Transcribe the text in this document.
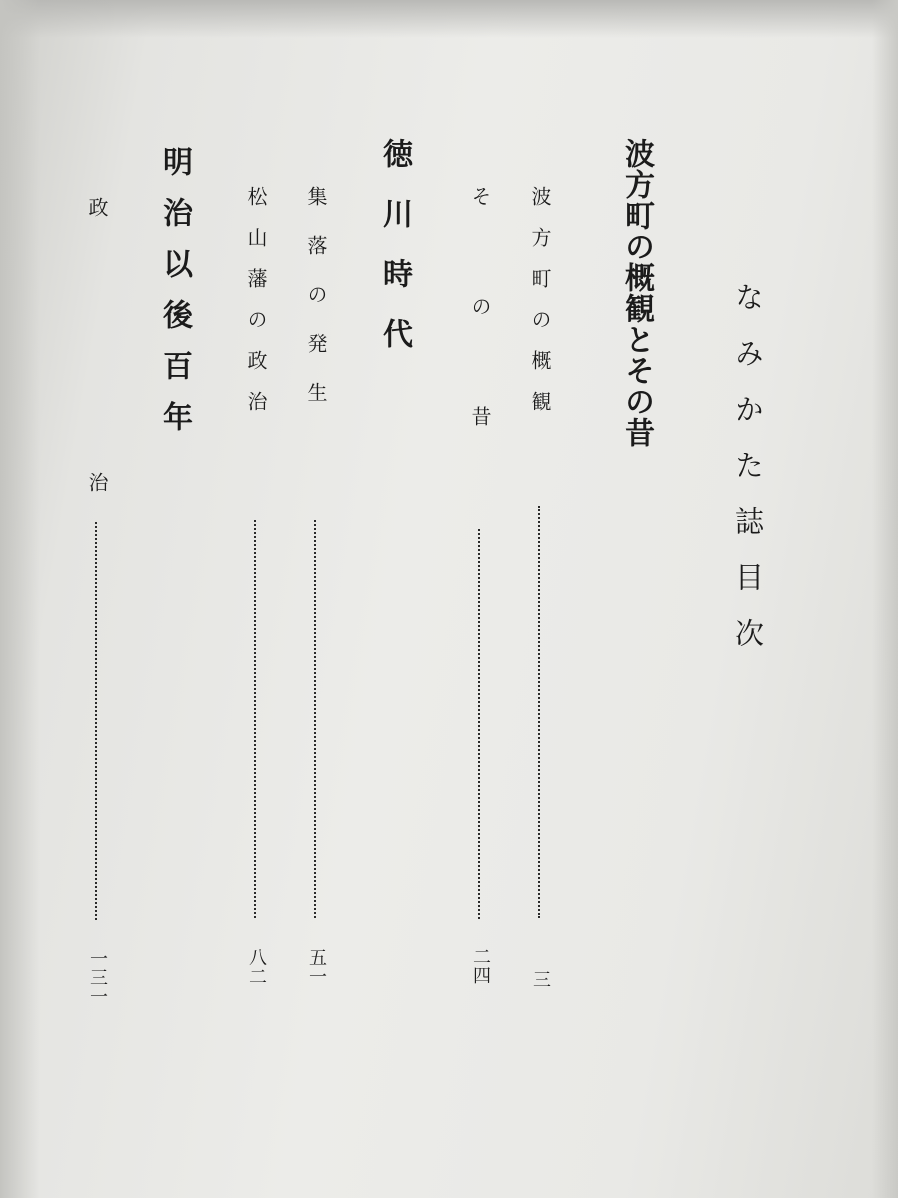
なみかた誌目次
波方町の概観とその昔
波方町の概観
三
その昔
二四
徳川時代
集落の発生
五一
松山藩の政治
八二
明治以後百年
政治
一三一
